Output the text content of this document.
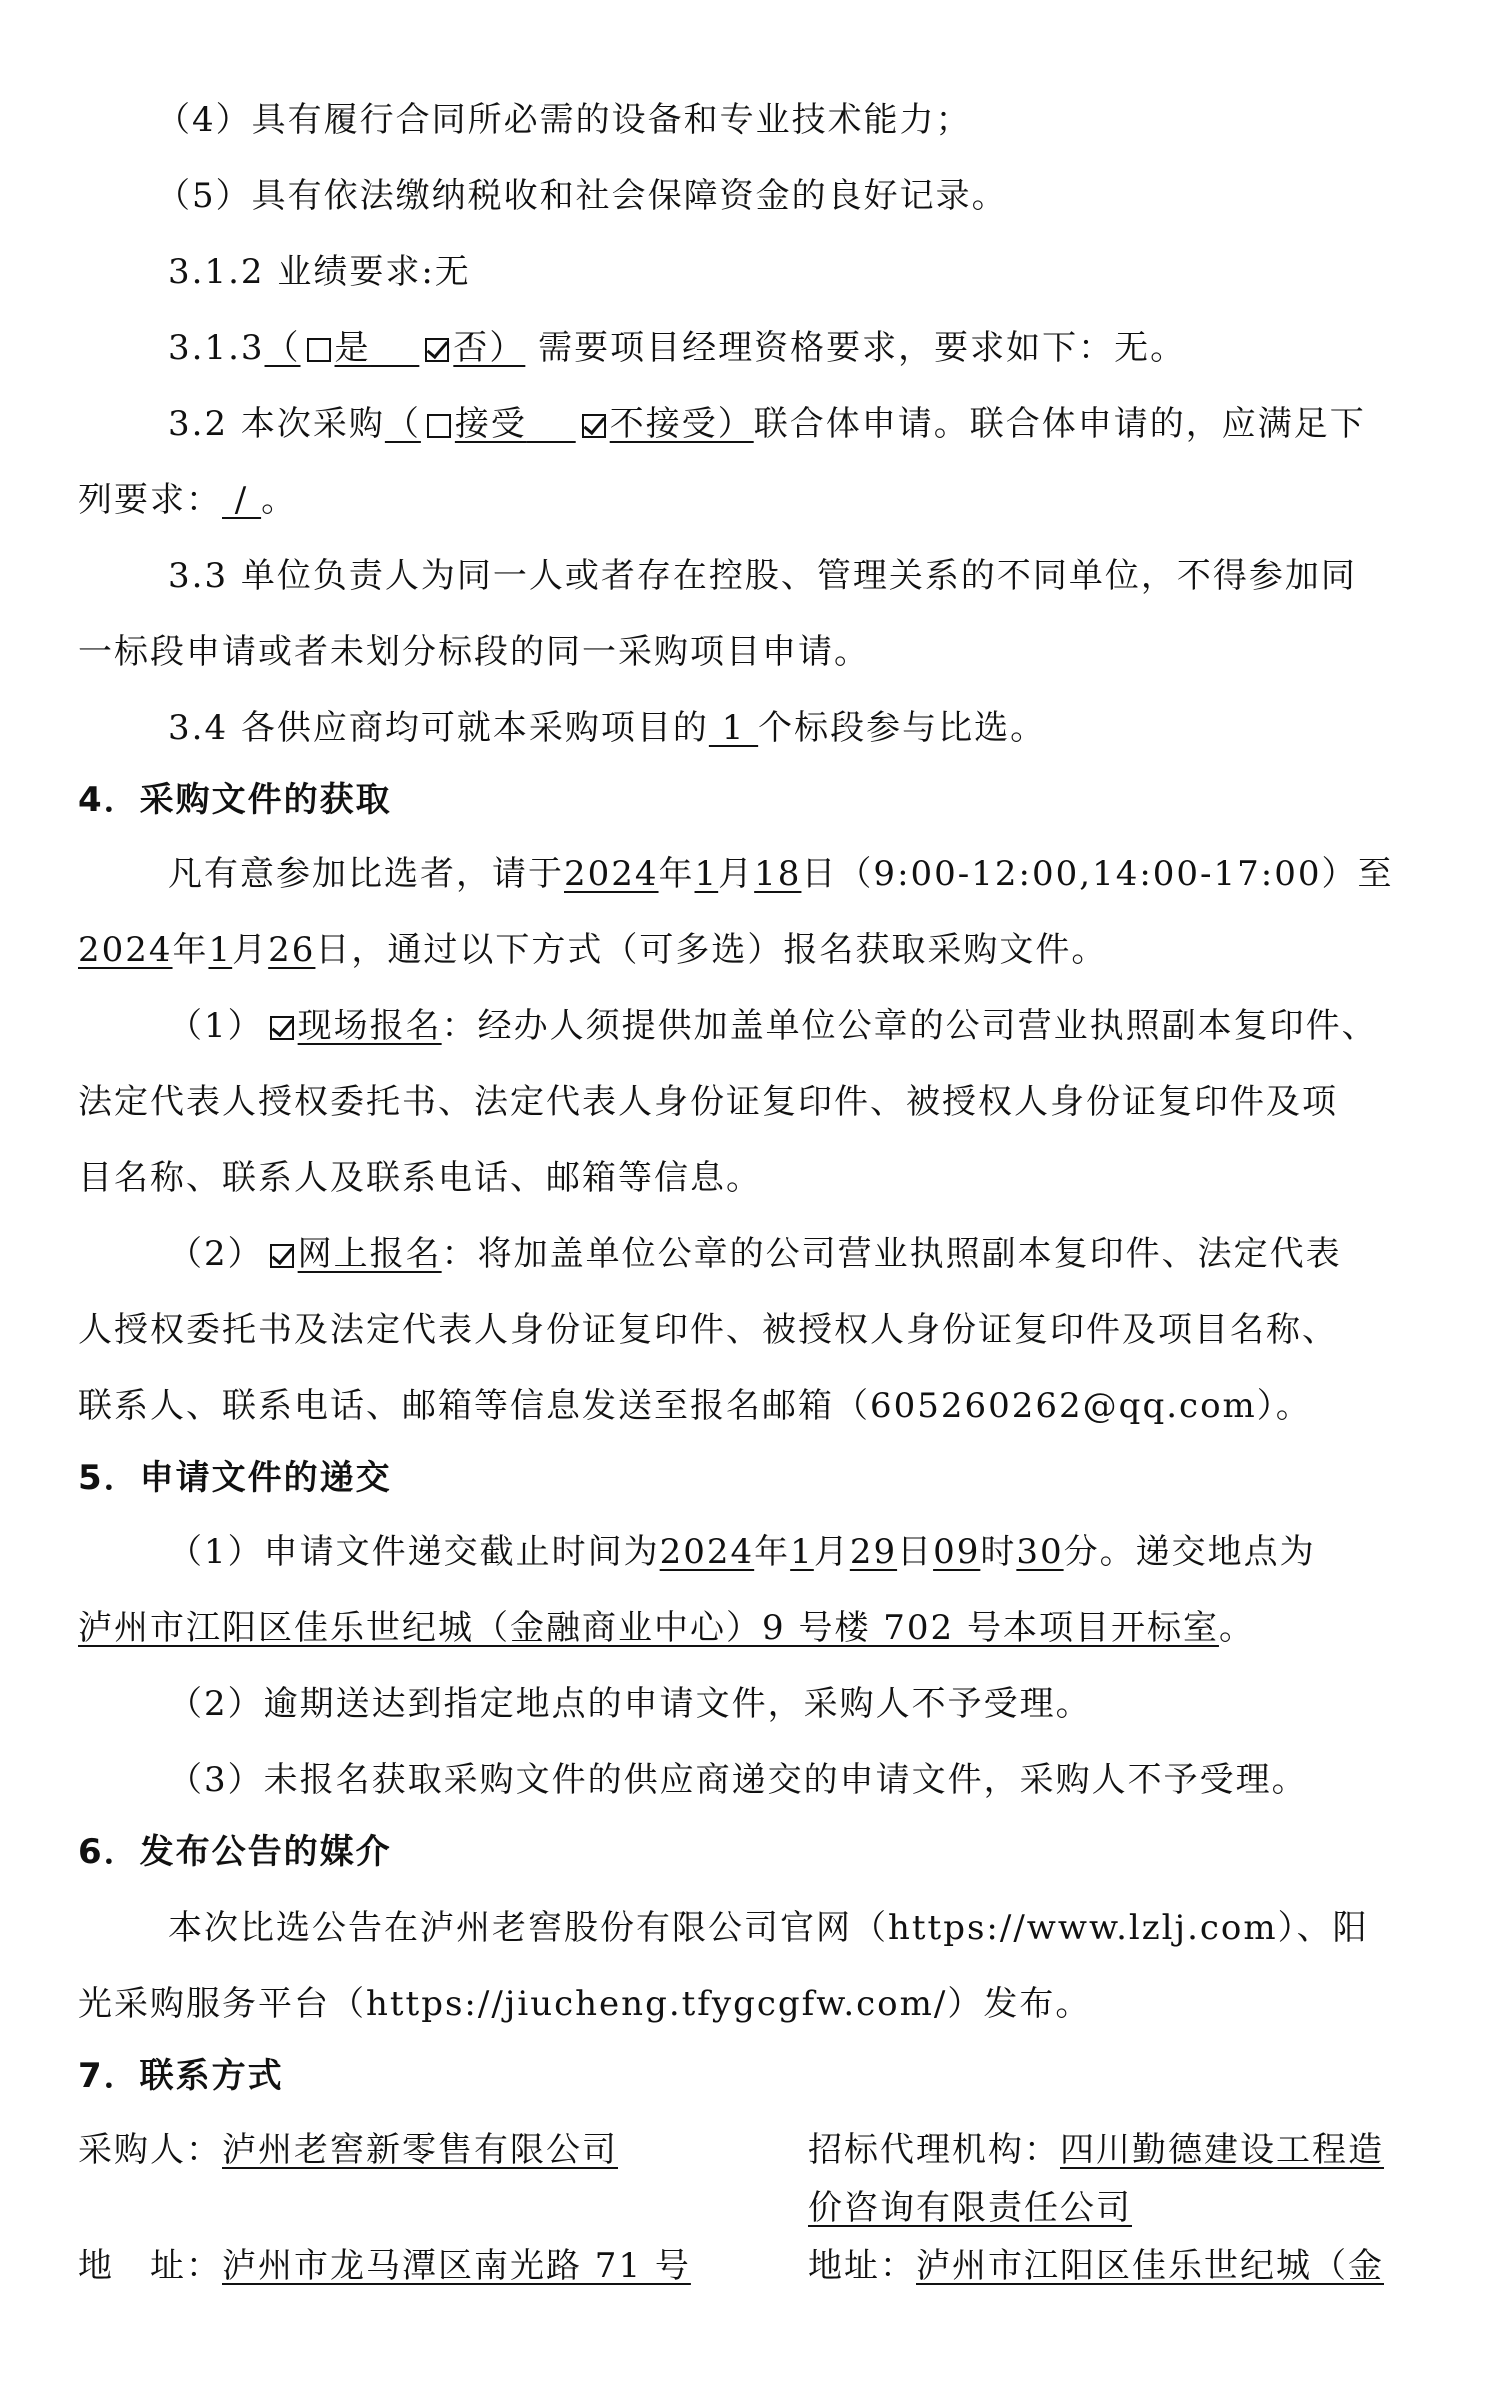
（4）具有履行合同所必需的设备和专业技术能力；
（5）具有依法缴纳税收和社会保障资金的良好记录。
3.1.2 业绩要求:无
3.1.3（ 是　 否） 需要项目经理资格要求，要求如下：无。
3.2 本次采购（ 接受　 不接受）联合体申请。联合体申请的，应满足下
列要求： / 。
3.3 单位负责人为同一人或者存在控股、管理关系的不同单位，不得参加同
一标段申请或者未划分标段的同一采购项目申请。
3.4 各供应商均可就本采购项目的 1 个标段参与比选。
4．采购文件的获取
凡有意参加比选者，请于2024年1月18日（9:00-12:00,14:00-17:00）至
2024年1月26日，通过以下方式（可多选）报名获取采购文件。
（1） 现场报名：经办人须提供加盖单位公章的公司营业执照副本复印件、
法定代表人授权委托书、法定代表人身份证复印件、被授权人身份证复印件及项
目名称、联系人及联系电话、邮箱等信息。
（2） 网上报名：将加盖单位公章的公司营业执照副本复印件、法定代表
人授权委托书及法定代表人身份证复印件、被授权人身份证复印件及项目名称、
联系人、联系电话、邮箱等信息发送至报名邮箱（605260262@qq.com）。
5．申请文件的递交
（1）申请文件递交截止时间为2024年1月29日09时30分。递交地点为
泸州市江阳区佳乐世纪城（金融商业中心）9 号楼 702 号本项目开标室。
（2）逾期送达到指定地点的申请文件，采购人不予受理。
（3）未报名获取采购文件的供应商递交的申请文件，采购人不予受理。
6．发布公告的媒介
本次比选公告在泸州老窖股份有限公司官网（https://www.lzlj.com）、阳
光采购服务平台（https://jiucheng.tfygcgfw.com/）发布。
7．联系方式
采购人：泸州老窖新零售有限公司	招标代理机构：四川勤德建设工程造
价咨询有限责任公司
地　址：泸州市龙马潭区南光路 71 号	地址：泸州市江阳区佳乐世纪城（金
